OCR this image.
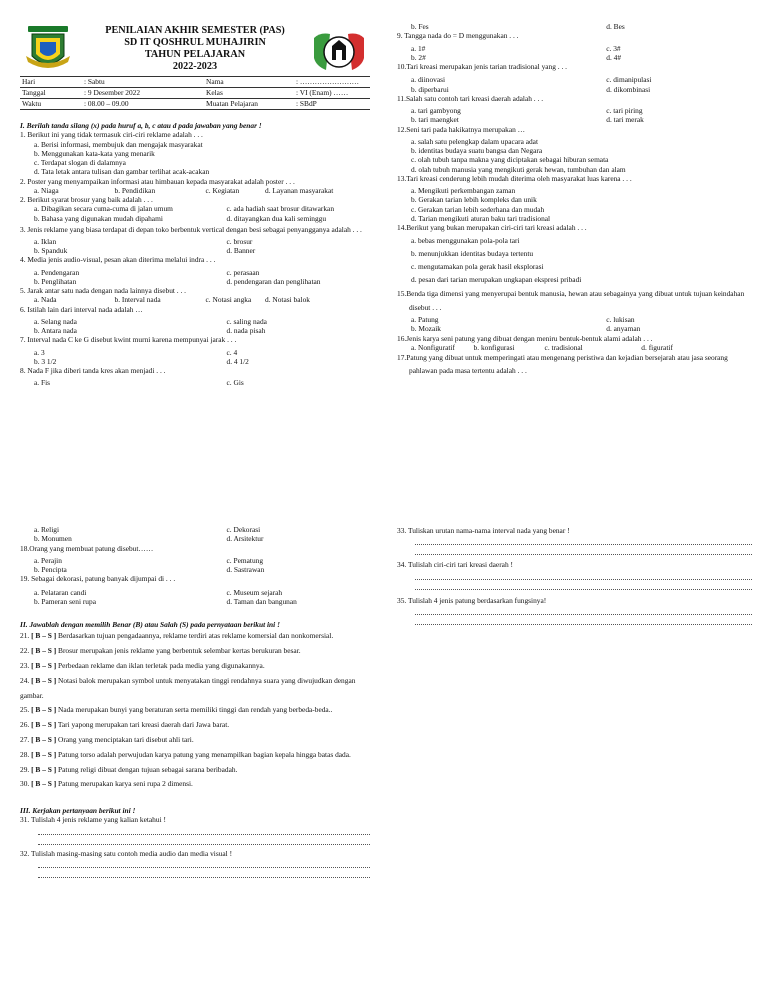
PENILAIAN AKHIR SEMESTER (PAS)
SD IT QOSHRUL MUHAJIRIN
TAHUN PELAJARAN
2022-2023
Hari	: Sabtu	Nama	: ……………………
Tanggal	: 9 Desember 2022	Kelas	: VI (Enam) ……
Waktu	: 08.00 – 09.00	Muatan Pelajaran	: SBdP

I. Berilah tanda silang (x) pada huruf a, b, c atau d pada jawaban yang benar !

1. Berikut ini yang tidak termasuk ciri-ciri reklame adalah . . .

a. Berisi informasi, membujuk dan mengajak masyarakat
b. Menggunakan kata-kata yang menarik
c. Terdapat slogan di dalamnya
d. Tata letak antara tulisan dan gambar terlihat acak-acakan

2. Poster yang menyampaikan informasi atau himbauan kepada masyarakat adalah poster . . .

a. Niaga	b. Pendidikan	c. Kegiatan	d. Layanan masyarakat

2. Berikut syarat brosur yang baik adalah . . .

a. Dibagikan secara cuma-cuma di jalan umum	c. ada hadiah saat brosur ditawarkan
b. Bahasa yang digunakan mudah dipahami	d. ditayangkan dua kali seminggu

3. Jenis reklame yang biasa terdapat di depan toko berbentuk vertical dengan besi sebagai penyangganya adalah . . .

a. Iklan	c. brosur
b. Spanduk	d. Banner

4. Media jenis audio-visual, pesan akan diterima melalui indra . . .

a. Pendengaran	c. perasaan
b. Penglihatan	d. pendengaran dan penglihatan

5. Jarak antar satu nada dengan nada lainnya disebut . . .

a. Nada	b. Interval nada	c. Notasi angka	d. Notasi balok

6. Istilah lain dari interval nada adalah …

a. Selang nada	c. saling nada
b. Antara nada	d. nada pisah

7. Interval nada C ke G disebut kwint murni karena mempunyai jarak . . .

a. 3	c. 4
b. 3 1/2	d. 4 1/2

8. Nada F jika diberi tanda kres akan menjadi . . .

a. Fis	c. Gis
b. Fes	d. Bes

9. Tangga nada do = D menggunakan . . .

a. 1#	c. 3#
b. 2#	d. 4#

10.Tari kreasi merupakan jenis tarian tradisional yang . . .

a. diinovasi	c. dimanipulasi
b. diperbarui	d. dikombinasi

11.Salah satu contoh tari kreasi daerah adalah . . .

a. tari gambyong	c. tari piring
b. tari maengket	d. tari merak

12.Seni tari pada hakikatnya merupakan …

a. salah satu pelengkap dalam upacara adat
b. identitas budaya suatu bangsa dan Negara
c. olah tubuh tanpa makna yang diciptakan sebagai hiburan semata
d. olah tubuh manusia yang mengikuti gerak hewan, tumbuhan dan alam

13.Tari kreasi cenderung lebih mudah diterima oleh masyarakat luas karena . . .

a. Mengikuti perkembangan zaman
b. Gerakan tarian lebih kompleks dan unik
c. Gerakan tarian lebih sederhana dan mudah
d. Tarian mengikuti aturan baku tari tradisional

14.Berikut yang bukan merupakan ciri-ciri tari kreasi adalah . . .

a. bebas menggunakan pola-pola tari
b. menunjukkan identitas budaya tertentu
c. mengutamakan pola gerak hasil eksplorasi
d. pesan dari tarian merupakan ungkapan ekspresi pribadi

15.Benda tiga dimensi yang menyerupai bentuk manusia, hewan atau sebagainya yang dibuat untuk tujuan keindahan disebut . . .

a. Patung	c. lukisan
b. Mozaik	d. anyaman

16.Jenis karya seni patung yang dibuat dengan meniru bentuk-bentuk alami adalah . . .

a. Nonfiguratif	b. konfigurasi	c. tradisional	d. figuratif

17.Patung yang dibuat untuk memperingati atau mengenang peristiwa dan kejadian bersejarah atau jasa seorang pahlawan pada masa tertentu adalah . . .

a. Religi	c. Dekorasi
b. Monumen	d. Arsitektur

18.Orang yang membuat patung disebut……

a. Perajin	c. Pematung
b. Pencipta	d. Sastrawan

19. Sebagai dekorasi, patung banyak dijumpai di . . .

a. Pelataran candi	c. Museum sejarah
b. Pameran seni rupa	d. Taman dan bangunan

II. Jawablah dengan memilih Benar (B) atau Salah (S) pada pernyataan berikut ini !

21. [ B – S ] Berdasarkan tujuan pengadaannya, reklame terdiri atas reklame komersial dan nonkomersial.
22. [ B – S ] Brosur merupakan jenis reklame yang berbentuk selembar kertas berukuran besar.
23. [ B – S ] Perbedaan reklame dan iklan terletak pada media yang digunakannya.
24. [ B – S ] Notasi balok merupakan symbol untuk menyatakan tinggi rendahnya suara yang diwujudkan dengan gambar.
25. [ B – S ] Nada merupakan bunyi yang beraturan serta memiliki tinggi dan rendah yang berbeda-beda..
26. [ B – S ] Tari yapong merupakan tari kreasi daerah dari Jawa barat.
27. [ B – S ] Orang yang menciptakan tari disebut ahli tari.
28. [ B – S ] Patung torso adalah perwujudan karya patung yang menampilkan bagian kepala hingga batas dada.
29. [ B – S ] Patung religi dibuat dengan tujuan sebagai sarana beribadah.
30. [ B – S ] Patung merupakan karya seni rupa 2 dimensi.

III. Kerjakan pertanyaan berikut ini !

31. Tulislah 4 jenis reklame yang kalian ketahui !

32. Tulislah masing-masing satu contoh media audio dan media visual !

33. Tuliskan urutan nama-nama interval nada yang benar !

34. Tulislah ciri-ciri tari kreasi daerah !

35. Tulislah 4 jenis patung berdasarkan fungsinya!
